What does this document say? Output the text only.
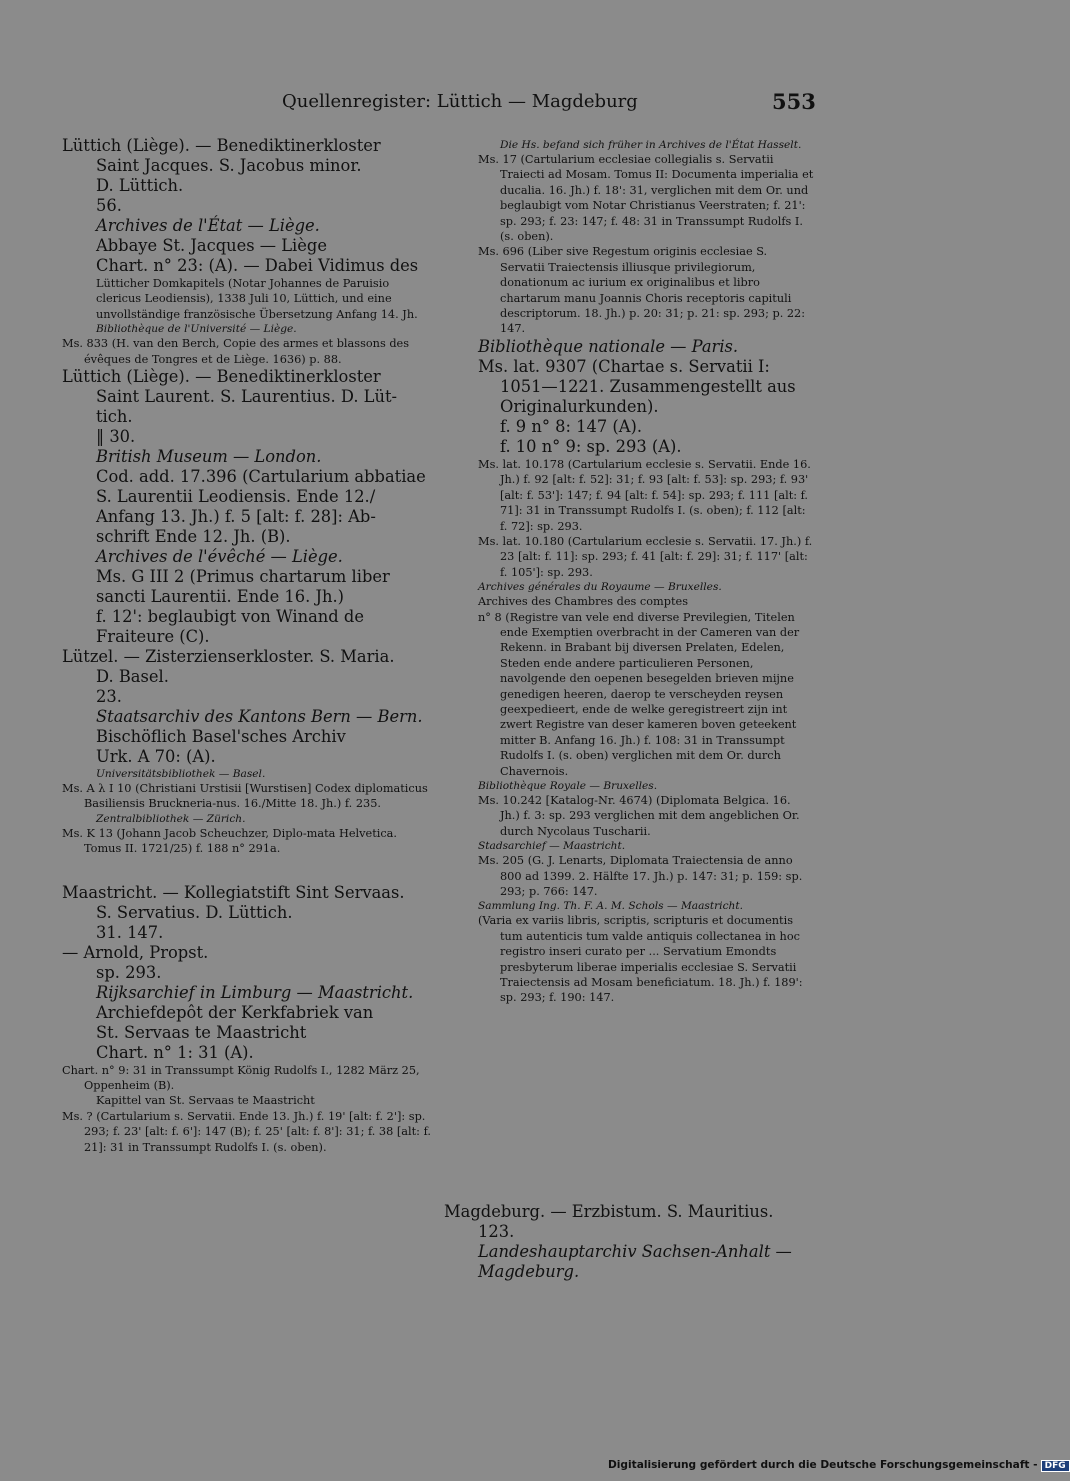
Quellenregister: Lüttich — Magdeburg	553
Lüttich (Liège). — Benediktinerkloster
Saint Jacques. S. Jacobus minor.
D. Lüttich.
56.
Archives de l'État — Liège.
Abbaye St. Jacques — Liège
Chart. n° 23: (A). — Dabei Vidimus des
Lütticher Domkapitels (Notar Johannes de Paruisio clericus Leodiensis), 1338 Juli 10, Lüttich, und eine unvollständige französische Übersetzung Anfang 14. Jh.
Bibliothèque de l'Université — Liège.
Ms. 833 (H. van den Berch, Copie des armes et blassons des évêques de Tongres et de Liège. 1636) p. 88.
Lüttich (Liège). — Benediktinerkloster
Saint Laurent. S. Laurentius. D. Lüt-
tich.
‖ 30.
British Museum — London.
Cod. add. 17.396 (Cartularium abbatiae
S. Laurentii Leodiensis. Ende 12./
Anfang 13. Jh.) f. 5 [alt: f. 28]: Ab-
schrift Ende 12. Jh. (B).
Archives de l'évêché — Liège.
Ms. G III 2 (Primus chartarum liber
sancti Laurentii. Ende 16. Jh.)
f. 12': beglaubigt von Winand de
Fraiteure (C).
Lützel. — Zisterzienserkloster. S. Maria.
D. Basel.
23.
Staatsarchiv des Kantons Bern — Bern.
Bischöflich Basel'sches Archiv
Urk. A 70: (A).
Universitätsbibliothek — Basel.
Ms. A λ I 10 (Christiani Urstisii [Wurstisen] Codex diplomaticus Basiliensis Bruckneria-nus. 16./Mitte 18. Jh.) f. 235.
Zentralbibliothek — Zürich.
Ms. K 13 (Johann Jacob Scheuchzer, Diplo-mata Helvetica. Tomus II. 1721/25) f. 188 n° 291a.
Maastricht. — Kollegiatstift Sint Servaas.
S. Servatius. D. Lüttich.
31. 147.
— Arnold, Propst.
sp. 293.
Rijksarchief in Limburg — Maastricht.
Archiefdepôt der Kerkfabriek van
St. Servaas te Maastricht
Chart. n° 1: 31 (A).
Chart. n° 9: 31 in Transsumpt König Rudolfs I., 1282 März 25, Oppenheim (B).
Kapittel van St. Servaas te Maastricht
Ms. ? (Cartularium s. Servatii. Ende 13. Jh.) f. 19' [alt: f. 2']: sp. 293; f. 23' [alt: f. 6']: 147 (B); f. 25' [alt: f. 8']: 31; f. 38 [alt: f. 21]: 31 in Transsumpt Rudolfs I. (s. oben).
Die Hs. befand sich früher in Archives de l'État Hasselt.
Ms. 17 (Cartularium ecclesiae collegialis s. Servatii Traiecti ad Mosam. Tomus II: Documenta imperialia et ducalia. 16. Jh.) f. 18': 31, verglichen mit dem Or. und beglaubigt vom Notar Christianus Veerstraten; f. 21': sp. 293; f. 23: 147; f. 48: 31 in Transsumpt Rudolfs I. (s. oben).
Ms. 696 (Liber sive Regestum originis ecclesiae S. Servatii Traiectensis illiusque privilegiorum, donationum ac iurium ex originalibus et libro chartarum manu Joannis Choris receptoris capituli descriptorum. 18. Jh.) p. 20: 31; p. 21: sp. 293; p. 22: 147.
Bibliothèque nationale — Paris.
Ms. lat. 9307 (Chartae s. Servatii I:
1051—1221. Zusammengestellt aus
Originalurkunden).
f. 9 n° 8: 147 (A).
f. 10 n° 9: sp. 293 (A).
Ms. lat. 10.178 (Cartularium ecclesie s. Servatii. Ende 16. Jh.) f. 92 [alt: f. 52]: 31; f. 93 [alt: f. 53]: sp. 293; f. 93' [alt: f. 53']: 147; f. 94 [alt: f. 54]: sp. 293; f. 111 [alt: f. 71]: 31 in Transsumpt Rudolfs I. (s. oben); f. 112 [alt: f. 72]: sp. 293.
Ms. lat. 10.180 (Cartularium ecclesie s. Servatii. 17. Jh.) f. 23 [alt: f. 11]: sp. 293; f. 41 [alt: f. 29]: 31; f. 117' [alt: f. 105']: sp. 293.
Archives générales du Royaume — Bruxelles.
Archives des Chambres des comptes
n° 8 (Registre van vele end diverse Previlegien, Titelen ende Exemptien overbracht in der Cameren van der Rekenn. in Brabant bij diversen Prelaten, Edelen, Steden ende andere particulieren Personen, navolgende den oepenen besegelden brieven mijne genedigen heeren, daerop te verscheyden reysen geexpedieert, ende de welke geregistreert zijn int zwert Registre van deser kameren boven geteekent mitter B. Anfang 16. Jh.) f. 108: 31 in Transsumpt Rudolfs I. (s. oben) verglichen mit dem Or. durch Chavernois.
Bibliothèque Royale — Bruxelles.
Ms. 10.242 [Katalog-Nr. 4674) (Diplomata Belgica. 16. Jh.) f. 3: sp. 293 verglichen mit dem angeblichen Or. durch Nycolaus Tuscharii.
Stadsarchief — Maastricht.
Ms. 205 (G. J. Lenarts, Diplomata Traiectensia de anno 800 ad 1399. 2. Hälfte 17. Jh.) p. 147: 31; p. 159: sp. 293; p. 766: 147.
Sammlung Ing. Th. F. A. M. Schols — Maastricht.
(Varia ex variis libris, scriptis, scripturis et documentis tum autenticis tum valde antiquis collectanea in hoc registro inseri curato per ... Servatium Emondts presbyterum liberae imperialis ecclesiae S. Servatii Traiectensis ad Mosam beneficiatum. 18. Jh.) f. 189': sp. 293; f. 190: 147.
Magdeburg. — Erzbistum. S. Mauritius.
123.
Landeshauptarchiv Sachsen-Anhalt —
Magdeburg.
Digitalisierung gefördert durch die Deutsche Forschungsgemeinschaft - DFG
